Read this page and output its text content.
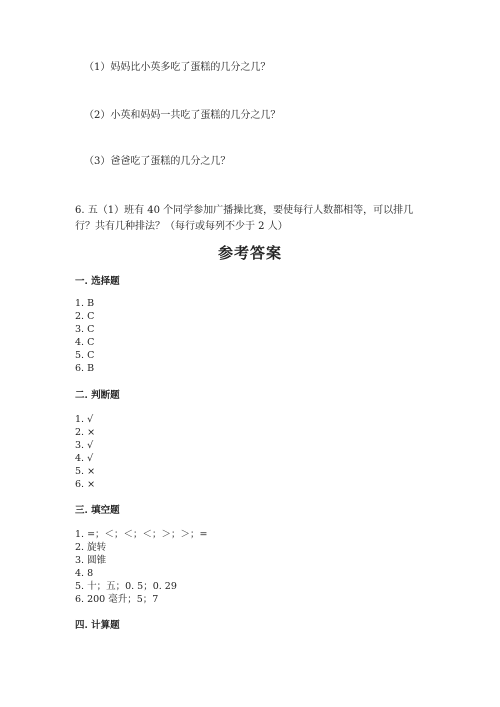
（1）妈妈比小英多吃了蛋糕的几分之几？
（2）小英和妈妈一共吃了蛋糕的几分之几？
（3）爸爸吃了蛋糕的几分之几？
6. 五（1）班有 40 个同学参加广播操比赛，要使每行人数都相等，可以排几行？共有几种排法？（每行或每列不少于 2 人）
参考答案
一. 选择题
1. B
2. C
3. C
4. C
5. C
6. B
二. 判断题
1. √
2. ×
3. √
4. √
5. ×
6. ×
三. 填空题
1. =；＜；＜；＜；＞；＞；=
2. 旋转
3. 圆锥
4. 8
5. 十；五；0. 5；0. 29
6. 200 毫升；5；7
四. 计算题
